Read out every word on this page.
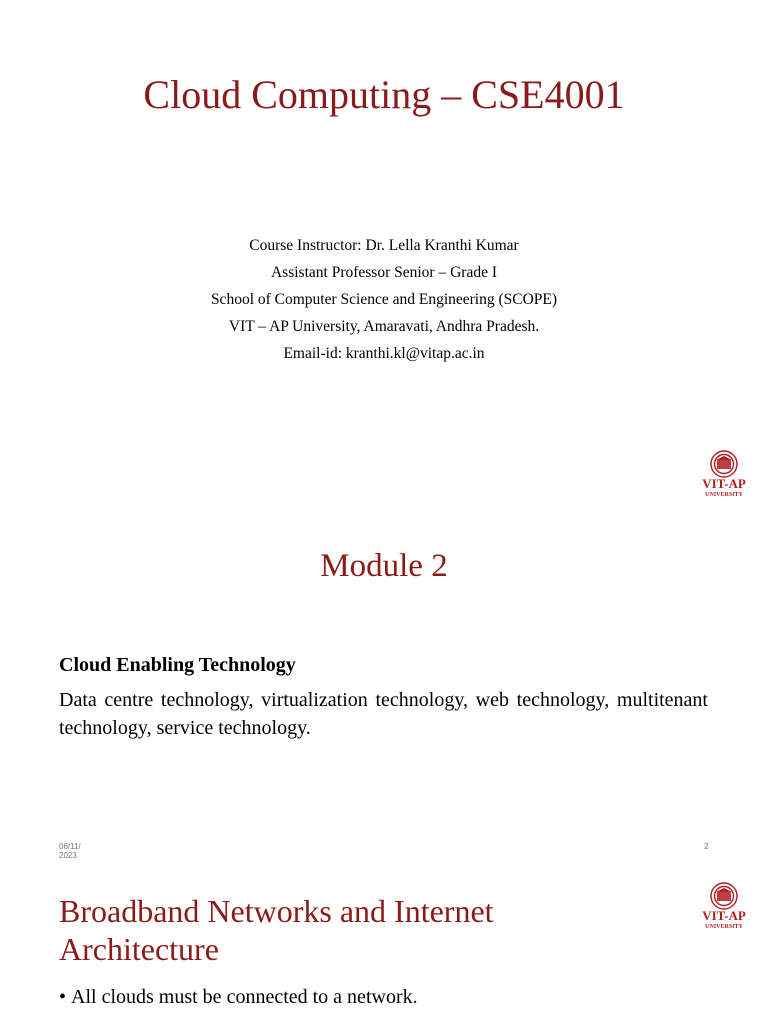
Cloud Computing – CSE4001
Course Instructor: Dr. Lella Kranthi Kumar
Assistant Professor Senior – Grade I
School of Computer Science and Engineering (SCOPE)
VIT – AP University, Amaravati, Andhra Pradesh.
Email-id: kranthi.kl@vitap.ac.in
VIT-AP
UNIVERSITY
Module 2
Cloud Enabling Technology
Data centre technology, virtualization technology, web technology, multitenant technology, service technology.
06/11/
2023
2
VIT-AP
UNIVERSITY
Broadband Networks and Internet
Architecture
• All clouds must be connected to a network.
